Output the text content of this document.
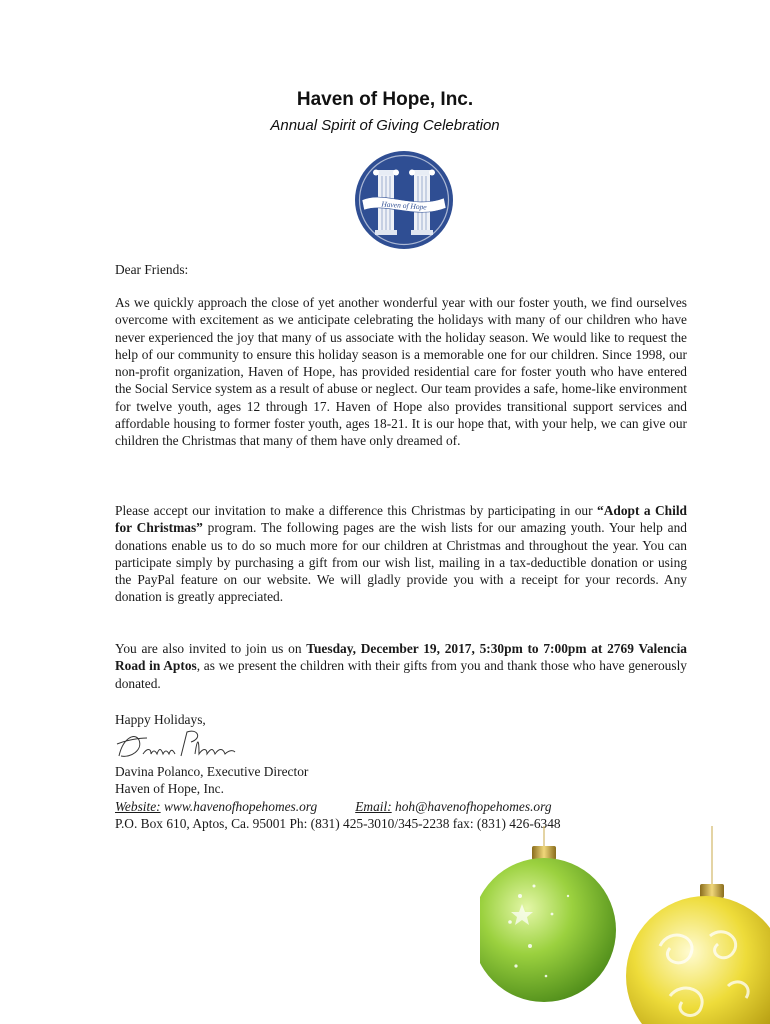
Haven of Hope, Inc.
Annual Spirit of Giving Celebration
Haven of Hope
Dear Friends:
As we quickly approach the close of yet another wonderful year with our foster youth, we find ourselves overcome with excitement as we anticipate celebrating the holidays with many of our children who have never experienced the joy that many of us associate with the holiday season. We would like to request the help of our community to ensure this holiday season is a memorable one for our children. Since 1998, our non-profit organization, Haven of Hope, has provided residential care for foster youth who have entered the Social Service system as a result of abuse or neglect. Our team provides a safe, home-like environment for twelve youth, ages 12 through 17. Haven of Hope also provides transitional support services and affordable housing to former foster youth, ages 18-21. It is our hope that, with your help, we can give our children the Christmas that many of them have only dreamed of.
Please accept our invitation to make a difference this Christmas by participating in our “Adopt a Child for Christmas” program. The following pages are the wish lists for our amazing youth. Your help and donations enable us to do so much more for our children at Christmas and throughout the year. You can participate simply by purchasing a gift from our wish list, mailing in a tax-deductible donation or using the PayPal feature on our website. We will gladly provide you with a receipt for your records. Any donation is greatly appreciated.
You are also invited to join us on Tuesday, December 19, 2017, 5:30pm to 7:00pm at 2769 Valencia Road in Aptos, as we present the children with their gifts from you and thank those who have generously donated.
Happy Holidays,
Davina Polanco, Executive Director
Haven of Hope, Inc.
Website: www.havenofhopehomes.org	Email: hoh@havenofhopehomes.org
P.O. Box 610, Aptos, Ca. 95001 Ph: (831) 425-3010/345-2238 fax: (831) 426-6348
